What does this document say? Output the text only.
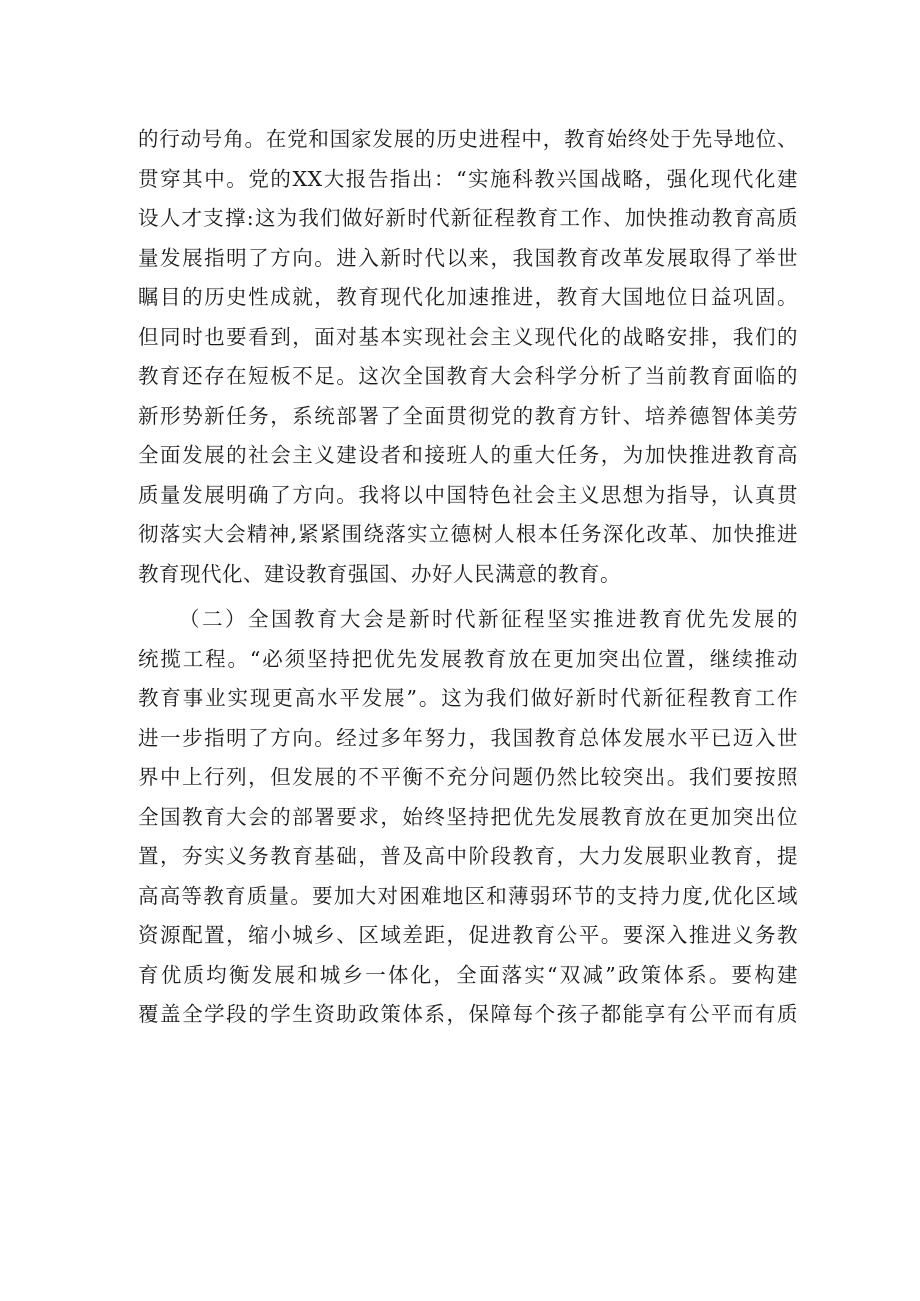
的行动号角。在党和国家发展的历史进程中，教育始终处于先导地位、
贯穿其中。党的XX大报告指出：“实施科教兴国战略，强化现代化建
设人才支撑:这为我们做好新时代新征程教育工作、加快推动教育高质
量发展指明了方向。进入新时代以来，我国教育改革发展取得了举世
瞩目的历史性成就，教育现代化加速推进，教育大国地位日益巩固。
但同时也要看到，面对基本实现社会主义现代化的战略安排，我们的
教育还存在短板不足。这次全国教育大会科学分析了当前教育面临的
新形势新任务，系统部署了全面贯彻党的教育方针、培养德智体美劳
全面发展的社会主义建设者和接班人的重大任务，为加快推进教育高
质量发展明确了方向。我将以中国特色社会主义思想为指导，认真贯
彻落实大会精神,紧紧围绕落实立德树人根本任务深化改革、加快推进
教育现代化、建设教育强国、办好人民满意的教育。
（二）全国教育大会是新时代新征程坚实推进教育优先发展的
统揽工程。“必须坚持把优先发展教育放在更加突出位置，继续推动
教育事业实现更高水平发展”。这为我们做好新时代新征程教育工作
进一步指明了方向。经过多年努力，我国教育总体发展水平已迈入世
界中上行列，但发展的不平衡不充分问题仍然比较突出。我们要按照
全国教育大会的部署要求，始终坚持把优先发展教育放在更加突出位
置，夯实义务教育基础，普及高中阶段教育，大力发展职业教育，提
高高等教育质量。要加大对困难地区和薄弱环节的支持力度,优化区域
资源配置，缩小城乡、区域差距，促进教育公平。要深入推进义务教
育优质均衡发展和城乡一体化，全面落实“双减”政策体系。要构建
覆盖全学段的学生资助政策体系，保障每个孩子都能享有公平而有质
